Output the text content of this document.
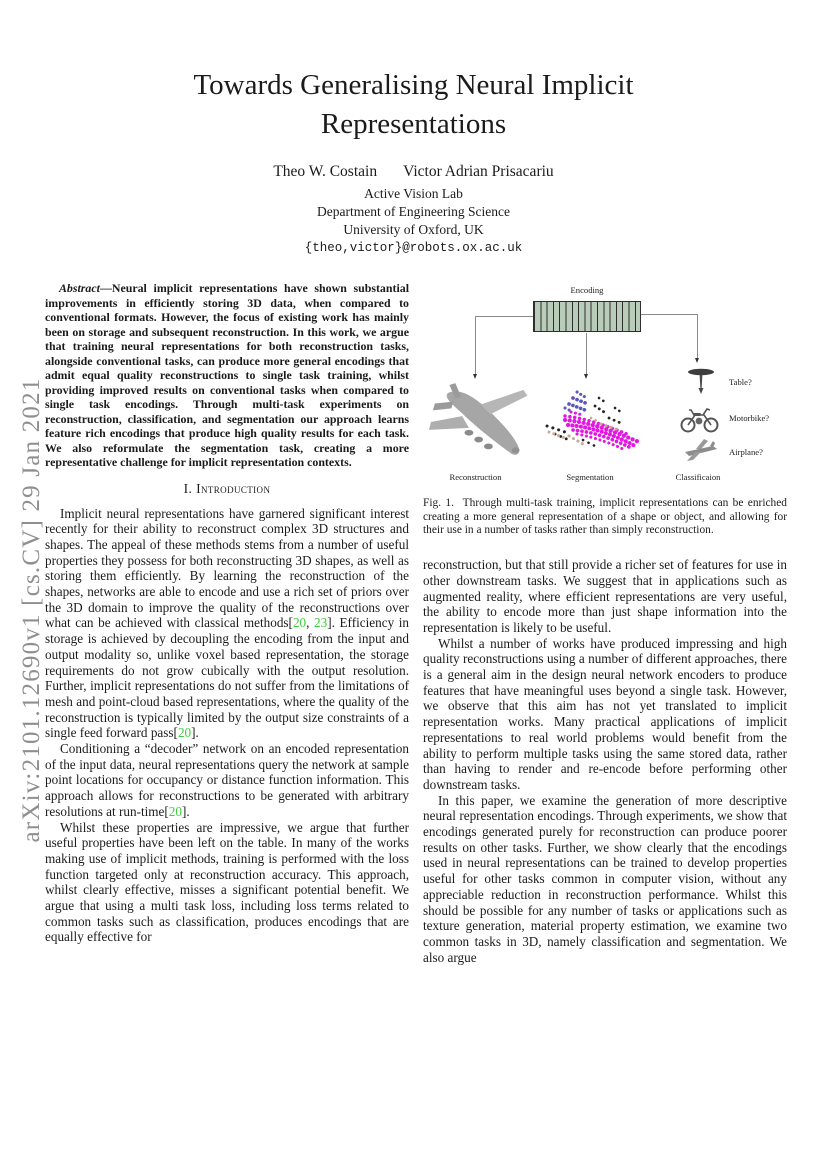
arXiv:2101.12690v1 [cs.CV] 29 Jan 2021
Towards Generalising Neural Implicit Representations
Theo W. Costain Victor Adrian Prisacariu
Active Vision Lab
Department of Engineering Science
University of Oxford, UK
{theo,victor}@robots.ox.ac.uk

Abstract—Neural implicit representations have shown substantial improvements in efficiently storing 3D data, when compared to conventional formats. However, the focus of existing work has mainly been on storage and subsequent reconstruction. In this work, we argue that training neural representations for both reconstruction tasks, alongside conventional tasks, can produce more general encodings that admit equal quality reconstructions to single task training, whilst providing improved results on conventional tasks when compared to single task encodings. Through multi-task experiments on reconstruction, classification, and segmentation our approach learns feature rich encodings that produce high quality results for each task. We also reformulate the segmentation task, creating a more representative challenge for implicit representation contexts.

I. Introduction

Implicit neural representations have garnered significant interest recently for their ability to reconstruct complex 3D structures and shapes. The appeal of these methods stems from a number of useful properties they possess for both reconstructing 3D shapes, as well as storing them efficiently. By learning the reconstruction of the shapes, networks are able to encode and use a rich set of priors over the 3D domain to improve the quality of the reconstructions over what can be achieved with classical methods[20, 23]. Efficiency in storage is achieved by decoupling the encoding from the input and output modality so, unlike voxel based representation, the storage requirements do not grow cubically with the output resolution. Further, implicit representations do not suffer from the limitations of mesh and point-cloud based representations, where the quality of the reconstruction is typically limited by the output size constraints of a single feed forward pass[20].

Conditioning a “decoder” network on an encoded representation of the input data, neural representations query the network at sample point locations for occupancy or distance function information. This approach allows for reconstructions to be generated with arbitrary resolutions at run-time[20].

Whilst these properties are impressive, we argue that further useful properties have been left on the table. In many of the works making use of implicit methods, training is performed with the loss function targeted only at reconstruction accuracy. This approach, whilst clearly effective, misses a significant potential benefit. We argue that using a multi task loss, including loss terms related to common tasks such as classification, produces encodings that are equally effective for

Encoding
Table?
Motorbike?
Airplane?
Reconstruction	Segmentation	Classificaion

Fig. 1. Through multi-task training, implicit representations can be enriched creating a more general representation of a shape or object, and allowing for their use in a number of tasks rather than simply reconstruction.

reconstruction, but that still provide a richer set of features for use in other downstream tasks. We suggest that in applications such as augmented reality, where efficient representations are very useful, the ability to encode more than just shape information into the representation is likely to be useful.

Whilst a number of works have produced impressing and high quality reconstructions using a number of different approaches, there is a general aim in the design neural network encoders to produce features that have meaningful uses beyond a single task. However, we observe that this aim has not yet translated to implicit representation works. Many practical applications of implicit representations to real world problems would benefit from the ability to perform multiple tasks using the same stored data, rather than having to render and re-encode before performing other downstream tasks.

In this paper, we examine the generation of more descriptive neural representation encodings. Through experiments, we show that encodings generated purely for reconstruction can produce poorer results on other tasks. Further, we show clearly that the encodings used in neural representations can be trained to develop properties useful for other tasks common in computer vision, without any appreciable reduction in reconstruction performance. Whilst this should be possible for any number of tasks or applications such as texture generation, material property estimation, we examine two common tasks in 3D, namely classification and segmentation. We also argue
